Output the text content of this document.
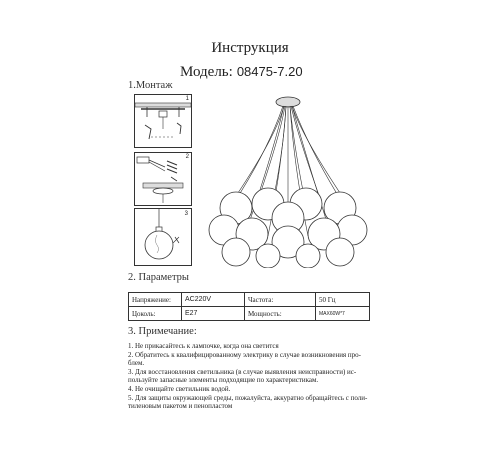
Инструкция
Модель: 08475-7.20
1.Монтаж
1
2
3
2. Параметры
Напряжение:	AC220V	Частота:	50 Гц
Цоколь:	E27	Мощность:	MAX60W*7
3. Примечание:
1. Не прикасайтесь к лампочке, когда она светится
2. Обратитесь к квалифицированному электрику в случае возникновения про-
блем.
3. Для восстановления светильника (в случае выявления неисправности) ис-
пользуйте запасные элементы подходящие по характеристикам.
4. Не очищайте светильник водой.
5. Для защиты окружающей среды, пожалуйста, аккуратно обращайтесь с поли-
тиленовым пакетом и пенопластом
